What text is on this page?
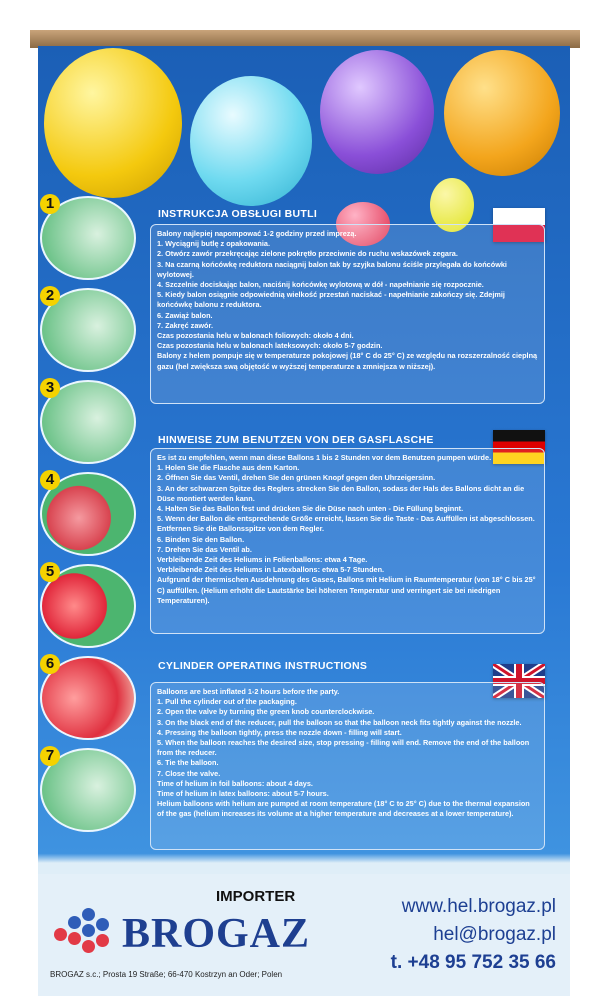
1
2
3
4
5
6
7
INSTRUKCJA OBSŁUGI BUTLI

Balony najlepiej napompować 1-2 godziny przed imprezą.

1. Wyciągnij butlę z opakowania.

2. Otwórz zawór przekręcając zielone pokrętło przeciwnie do ruchu wskazówek zegara.

3. Na czarną końcówkę reduktora naciągnij balon tak by szyjka balonu ściśle przylegała do końcówki wylotowej.

4. Szczelnie dociskając balon, naciśnij końcówkę wylotową w dół - napełnianie się rozpocznie.

5. Kiedy balon osiągnie odpowiednią wielkość przestań naciskać - napełnianie zakończy się. Zdejmij końcówkę balonu z reduktora.

6. Zawiąż balon.

7. Zakręć zawór.

Czas pozostania helu w balonach foliowych: około 4 dni.

Czas pozostania helu w balonach lateksowych: około 5-7 godzin.

Balony z helem pompuje się w temperaturze pokojowej (18° C do 25° C) ze względu na rozszerzalność cieplną gazu (hel zwiększa swą objętość w wyższej temperaturze a zmniejsza w niższej).

HINWEISE ZUM BENUTZEN VON DER GASFLASCHE

Es ist zu empfehlen, wenn man diese Ballons 1 bis 2 Stunden vor dem Benutzen pumpen würde.

1. Holen Sie die Flasche aus dem Karton.

2. Öffnen Sie das Ventil, drehen Sie den grünen Knopf gegen den Uhrzeigersinn.

3. An der schwarzen Spitze des Reglers strecken Sie den Ballon, sodass der Hals des Ballons dicht an die Düse montiert werden kann.

4. Halten Sie das Ballon fest und drücken Sie die Düse nach unten - Die Füllung beginnt.

5. Wenn der Ballon die entsprechende Größe erreicht, lassen Sie die Taste - Das Auffüllen ist abgeschlossen. Entfernen Sie die Ballonsspitze von dem Regler.

6. Binden Sie den Ballon.

7. Drehen Sie das Ventil ab.

Verbleibende Zeit des Heliums in Folienballons: etwa 4 Tage.

Verbleibende Zeit des Heliums in Latexballons: etwa 5-7 Stunden.

Aufgrund der thermischen Ausdehnung des Gases, Ballons mit Helium in Raumtemperatur (von 18° C bis 25° C) auffüllen. (Helium erhöht die Lautstärke bei höheren Temperatur und verringert sie bei niedrigen Temperaturen).

CYLINDER OPERATING INSTRUCTIONS

Balloons are best inflated 1-2 hours before the party.

1. Pull the cylinder out of the packaging.

2. Open the valve by turning the green knob counterclockwise.

3. On the black end of the reducer, pull the balloon so that the balloon neck fits tightly against the nozzle.

4. Pressing the balloon tightly, press the nozzle down - filling will start.

5. When the balloon reaches the desired size, stop pressing - filling will end. Remove the end of the balloon from the reducer.

6. Tie the balloon.

7. Close the valve.

Time of helium in foil balloons: about 4 days.

Time of helium in latex balloons: about 5-7 hours.

Helium balloons with helium are pumped at room temperature (18° C to 25° C) due to the thermal expansion of the gas (helium increases its volume at a higher temperature and decreases at a lower temperature).

IMPORTER
BROGAZ
BROGAZ s.c.; Prosta 19 Straße; 66-470 Kostrzyn an Oder; Polen
www.hel.brogaz.pl
hel@brogaz.pl
t. +48 95 752 35 66
